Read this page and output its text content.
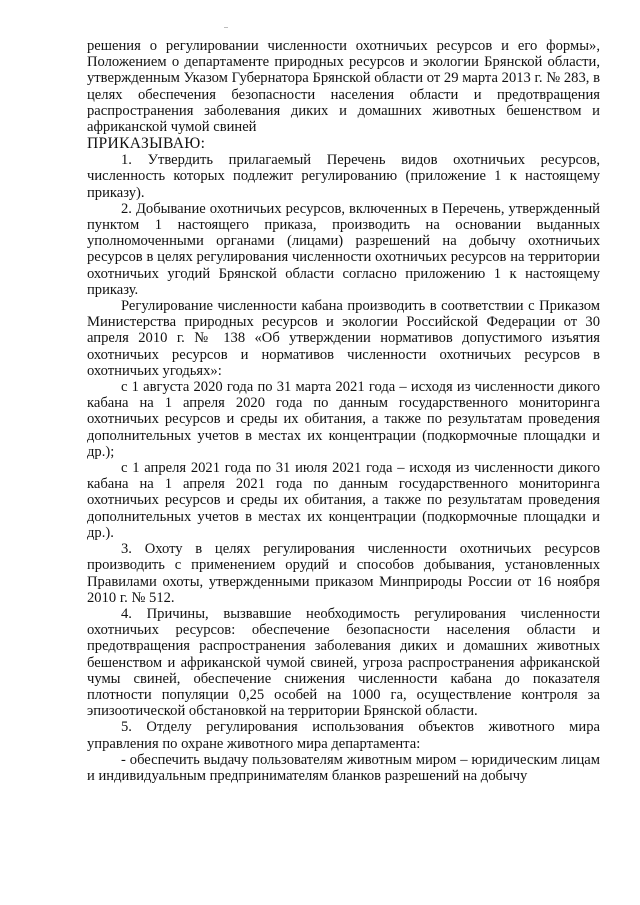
решения о регулировании численности охотничьих ресурсов и его формы», Положением о департаменте природных ресурсов и экологии Брянской области, утвержденным Указом Губернатора Брянской области от 29 марта 2013 г. № 283, в целях обеспечения безопасности населения области и предотвращения распространения заболевания диких и домашних животных бешенством и африканской чумой свиней

ПРИКАЗЫВАЮ:

1. Утвердить прилагаемый Перечень видов охотничьих ресурсов, численность которых подлежит регулированию (приложение 1 к настоящему приказу).

2. Добывание охотничьих ресурсов, включенных в Перечень, утвержденный пунктом 1 настоящего приказа, производить на основании выданных уполномоченными органами (лицами) разрешений на добычу охотничьих ресурсов в целях регулирования численности охотничьих ресурсов на территории охотничьих угодий Брянской области согласно приложению 1 к настоящему приказу.

Регулирование численности кабана производить в соответствии с Приказом Министерства природных ресурсов и экологии Российской Федерации от 30 апреля 2010 г. № 138 «Об утверждении нормативов допустимого изъятия охотничьих ресурсов и нормативов численности охотничьих ресурсов в охотничьих угодьях»:

с 1 августа 2020 года по 31 марта 2021 года – исходя из численности дикого кабана на 1 апреля 2020 года по данным государственного мониторинга охотничьих ресурсов и среды их обитания, а также по результатам проведения дополнительных учетов в местах их концентрации (подкормочные площадки и др.);

с 1 апреля 2021 года по 31 июля 2021 года – исходя из численности дикого кабана на 1 апреля 2021 года по данным государственного мониторинга охотничьих ресурсов и среды их обитания, а также по результатам проведения дополнительных учетов в местах их концентрации (подкормочные площадки и др.).

3. Охоту в целях регулирования численности охотничьих ресурсов производить с применением орудий и способов добывания, установленных Правилами охоты, утвержденными приказом Минприроды России от 16 ноября 2010 г. № 512.

4. Причины, вызвавшие необходимость регулирования численности охотничьих ресурсов: обеспечение безопасности населения области и предотвращения распространения заболевания диких и домашних животных бешенством и африканской чумой свиней, угроза распространения африканской чумы свиней, обеспечение снижения численности кабана до показателя плотности популяции 0,25 особей на 1000 га, осуществление контроля за эпизоотической обстановкой на территории Брянской области.

5. Отделу регулирования использования объектов животного мира управления по охране животного мира департамента:

- обеспечить выдачу пользователям животным миром – юридическим лицам и индивидуальным предпринимателям бланков разрешений на добычу
